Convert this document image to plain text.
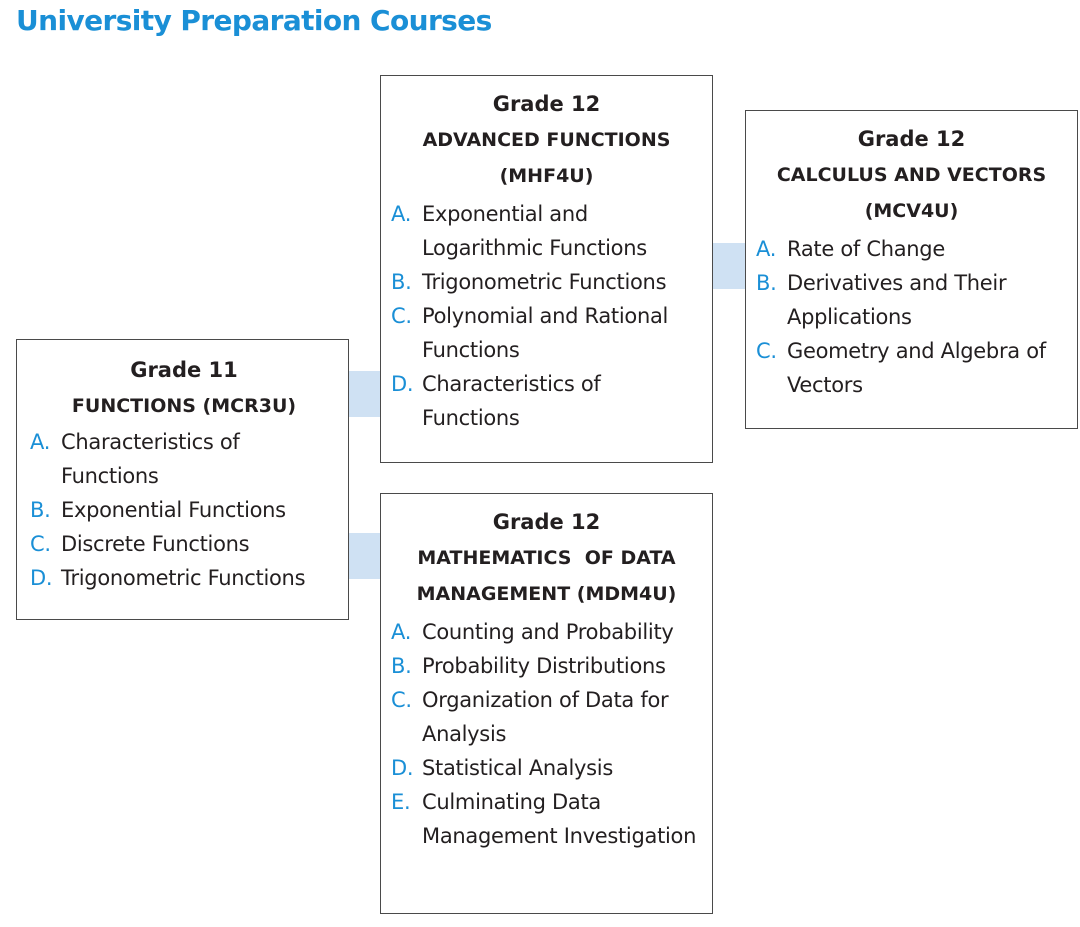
University Preparation Courses
Grade 11
FUNCTIONS (MCR3U)
A. Characteristics of Functions
B. Exponential Functions
C. Discrete Functions
D. Trigonometric Functions
Grade 12
ADVANCED FUNCTIONS
(MHF4U)
A. Exponential and Logarithmic Functions
B. Trigonometric Functions
C. Polynomial and Rational Functions
D. Characteristics of Functions
Grade 12
CALCULUS AND VECTORS
(MCV4U)
A. Rate of Change
B. Derivatives and Their Applications
C. Geometry and Algebra of Vectors
Grade 12
MATHEMATICS  OF DATA
MANAGEMENT (MDM4U)
A. Counting and Probability
B. Probability Distributions
C. Organization of Data for Analysis
D. Statistical Analysis
E. Culminating Data Management Investigation
